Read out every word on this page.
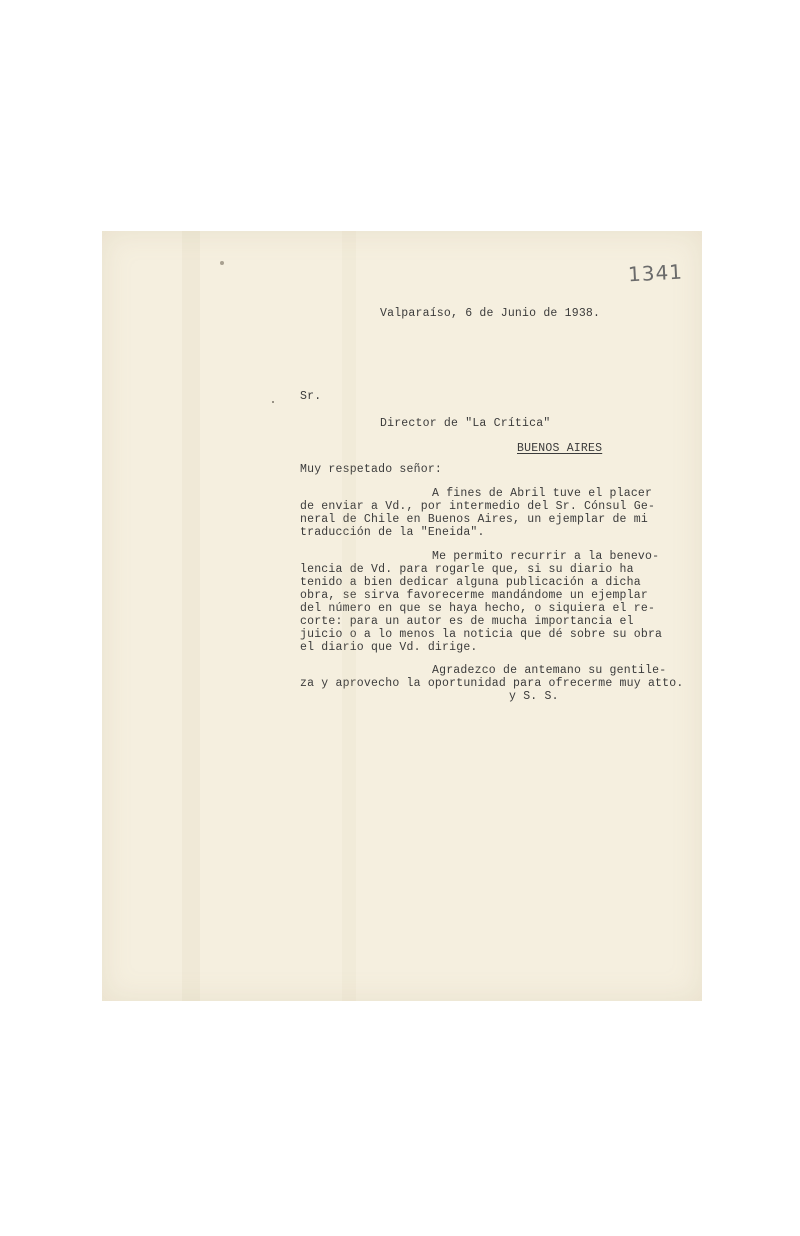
1341
Valparaíso, 6 de Junio de 1938.
Sr.
Director de "La Crítica"
BUENOS AIRES
Muy respetado señor:
A fines de Abril tuve el placer
de enviar a Vd., por intermedio del Sr. Cónsul Ge-
neral de Chile en Buenos Aires, un ejemplar de mi
traducción de la "Eneida".
Me permito recurrir a la benevo-
lencia de Vd. para rogarle que, si su diario ha
tenido a bien dedicar alguna publicación a dicha
obra, se sirva favorecerme mandándome un ejemplar
del número en que se haya hecho, o siquiera el re-
corte: para un autor es de mucha importancia el
juicio o a lo menos la noticia que dé sobre su obra
el diario que Vd. dirige.
Agradezco de antemano su gentile-
za y aprovecho la oportunidad para ofrecerme muy atto.
y S. S.
